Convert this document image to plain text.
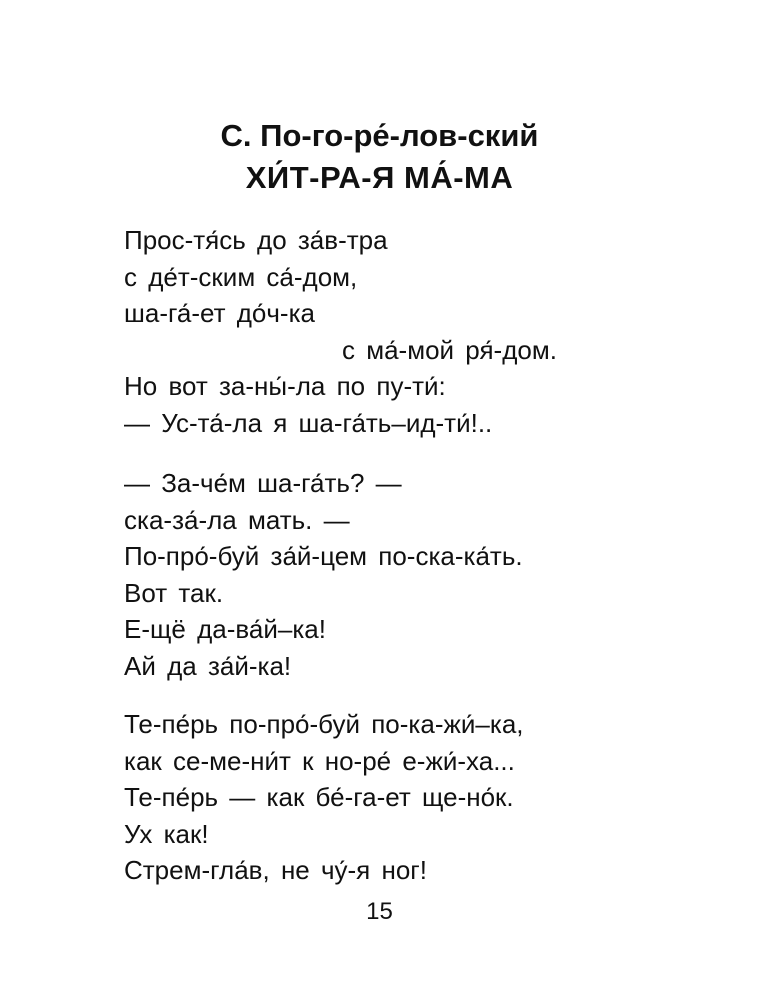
С. По-го-ре́-лов-ский
ХИ́Т-РА-Я МА́-МА
Прос-тя́сь до за́в-тра
с де́т-ским са́-дом,
ша-га́-ет до́ч-ка
с ма́-мой ря́-дом.
Но вот за-ны́-ла по пу-ти́:
— Ус-та́-ла я ша-га́ть–ид-ти́!..
— За-че́м ша-га́ть? —
ска-за́-ла мать. —
По-про́-буй за́й-цем по-ска-ка́ть.
Вот так.
Е-щё да-ва́й–ка!
Ай да за́й-ка!
Те-пе́рь по-про́-буй по-ка-жи́–ка,
как се-ме-ни́т к но-ре́ е-жи́-ха...
Те-пе́рь — как бе́-га-ет ще-но́к.
Ух как!
Стрем-гла́в, не чу́-я ног!
15
